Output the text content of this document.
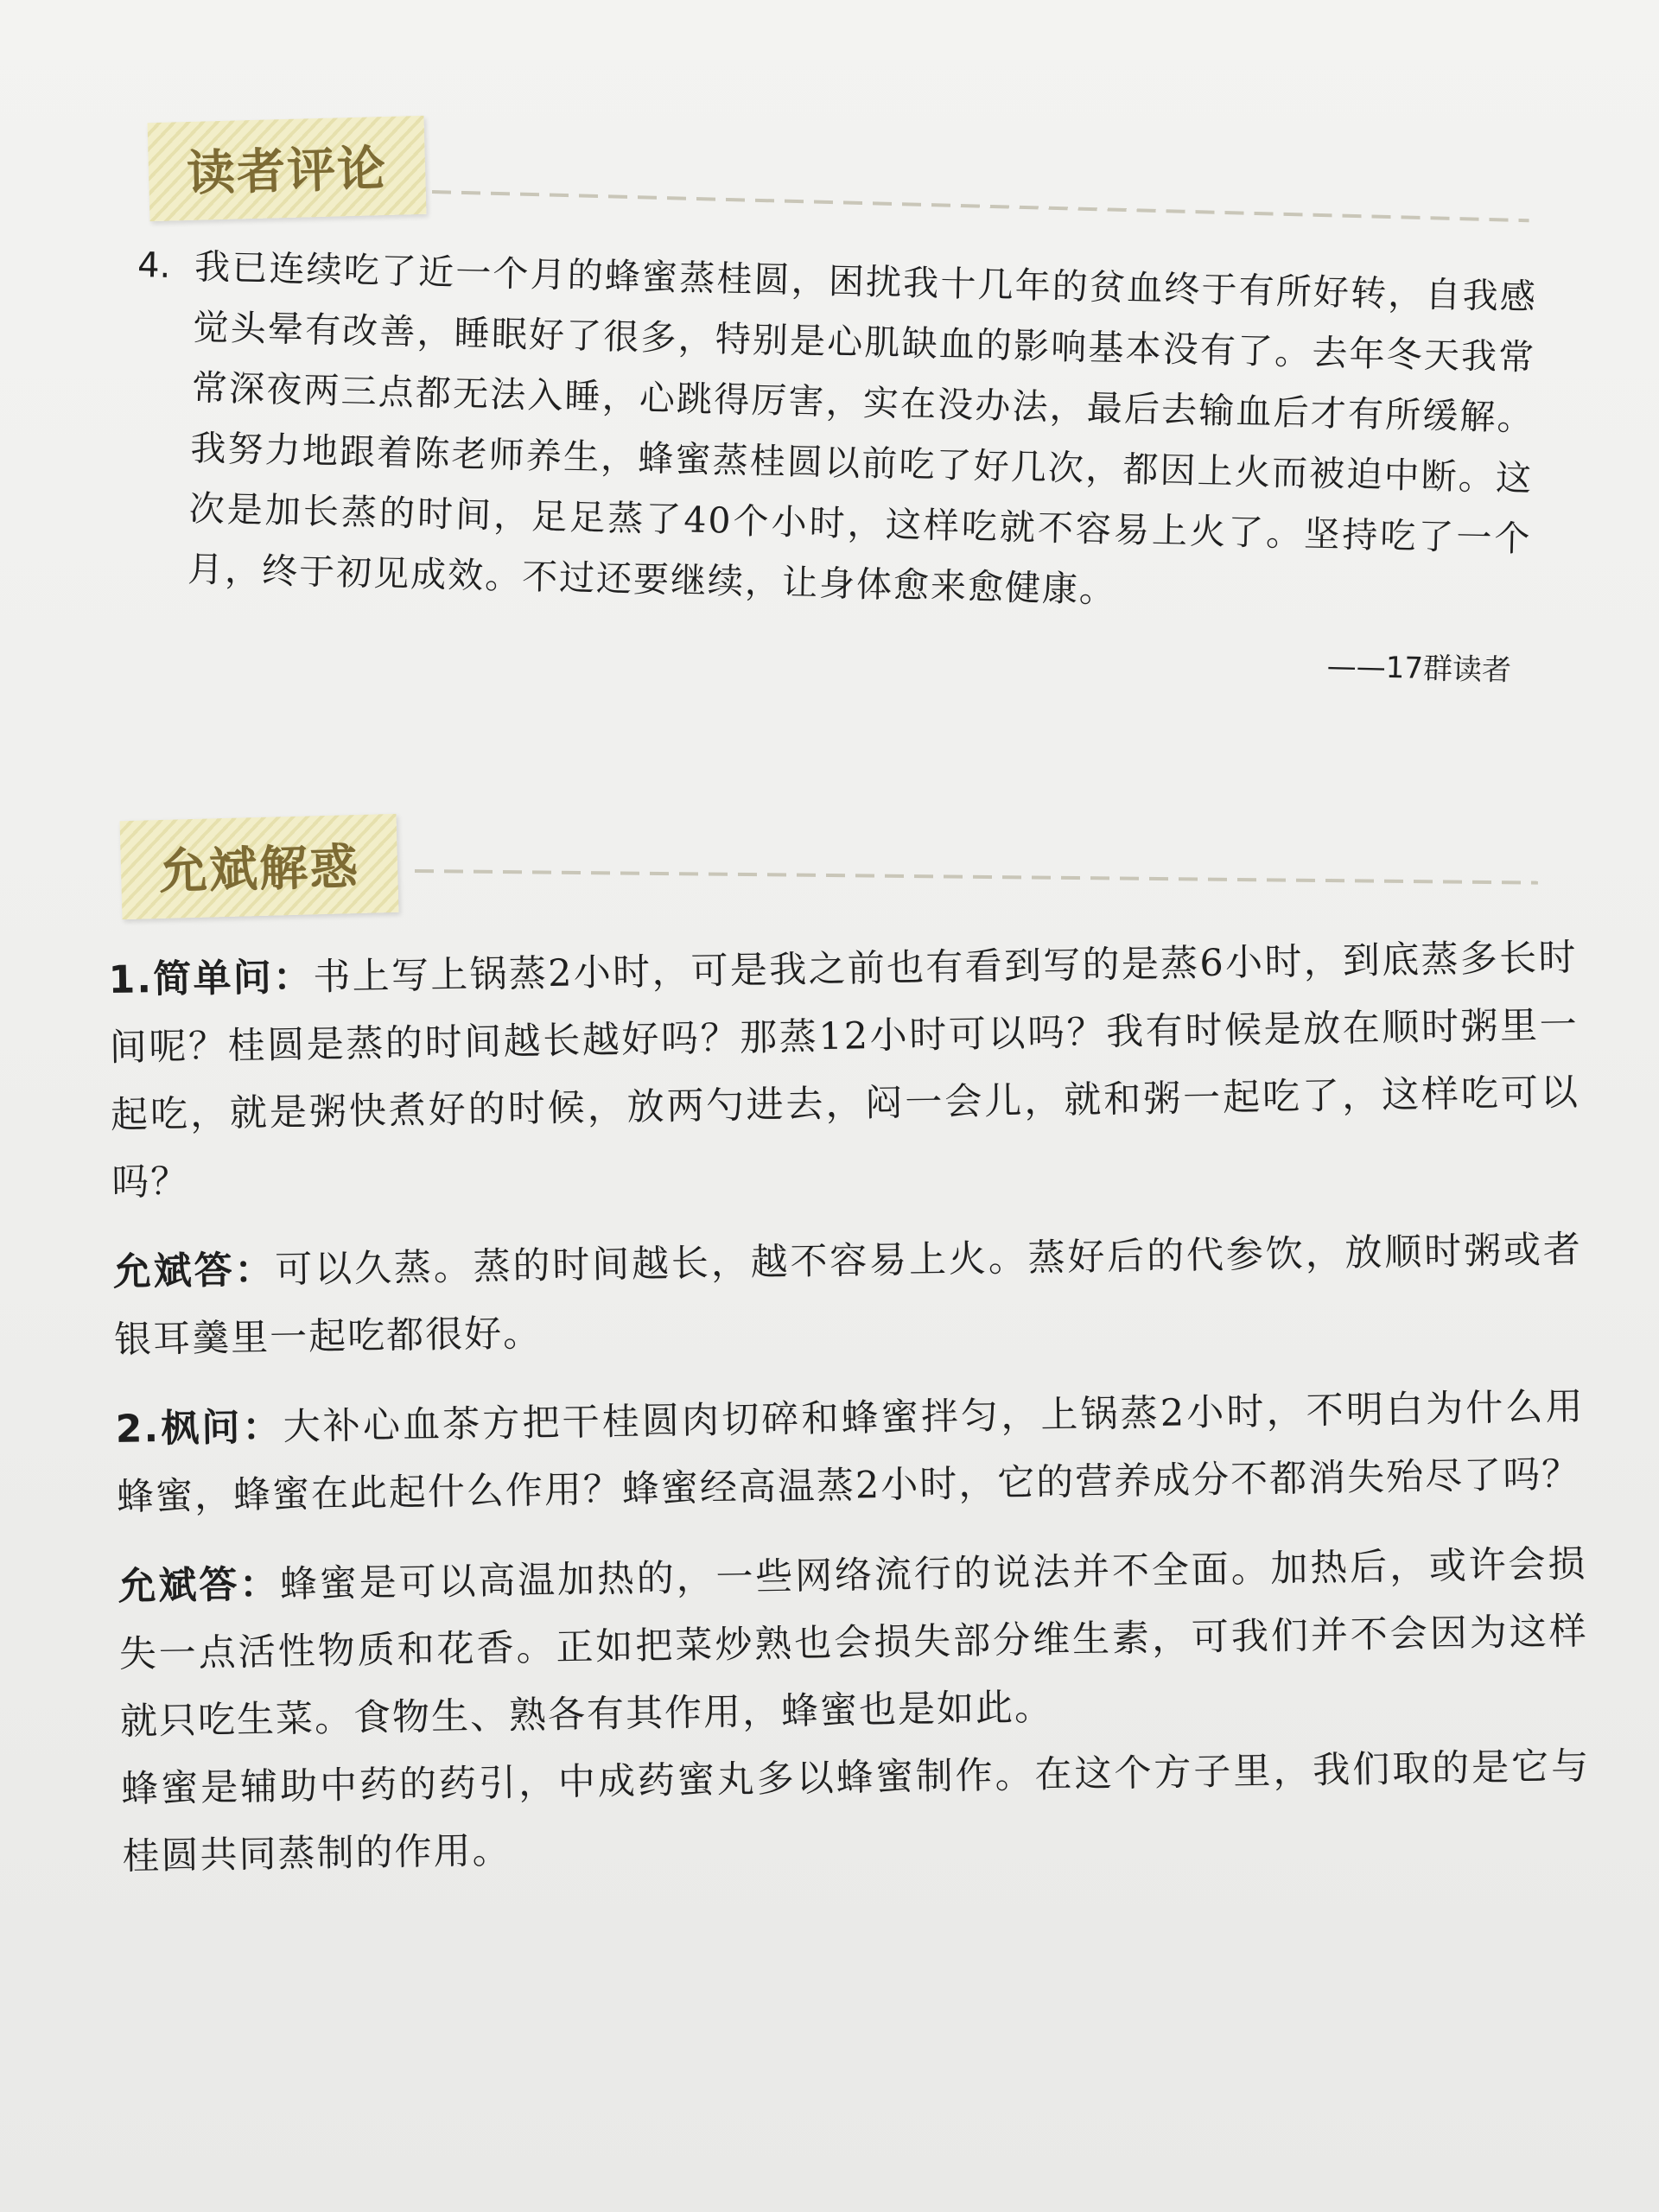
读者评论
4. 我已连续吃了近一个月的蜂蜜蒸桂圆，困扰我十几年的贫血终于有所好转，自我感觉头晕有改善，睡眠好了很多，特别是心肌缺血的影响基本没有了。去年冬天我常常深夜两三点都无法入睡，心跳得厉害，实在没办法，最后去输血后才有所缓解。我努力地跟着陈老师养生，蜂蜜蒸桂圆以前吃了好几次，都因上火而被迫中断。这次是加长蒸的时间，足足蒸了40个小时，这样吃就不容易上火了。坚持吃了一个月，终于初见成效。不过还要继续，让身体愈来愈健康。
——17群读者
允斌解惑

1.简单问：书上写上锅蒸2小时，可是我之前也有看到写的是蒸6小时，到底蒸多长时间呢？桂圆是蒸的时间越长越好吗？那蒸12小时可以吗？我有时候是放在顺时粥里一起吃，就是粥快煮好的时候，放两勺进去，闷一会儿，就和粥一起吃了，这样吃可以吗？

允斌答：可以久蒸。蒸的时间越长，越不容易上火。蒸好后的代参饮，放顺时粥或者银耳羹里一起吃都很好。

2.枫问：大补心血茶方把干桂圆肉切碎和蜂蜜拌匀，上锅蒸2小时，不明白为什么用蜂蜜，蜂蜜在此起什么作用？蜂蜜经高温蒸2小时，它的营养成分不都消失殆尽了吗？

允斌答：蜂蜜是可以高温加热的，一些网络流行的说法并不全面。加热后，或许会损失一点活性物质和花香。正如把菜炒熟也会损失部分维生素，可我们并不会因为这样就只吃生菜。食物生、熟各有其作用，蜂蜜也是如此。

蜂蜜是辅助中药的药引，中成药蜜丸多以蜂蜜制作。在这个方子里，我们取的是它与桂圆共同蒸制的作用。
